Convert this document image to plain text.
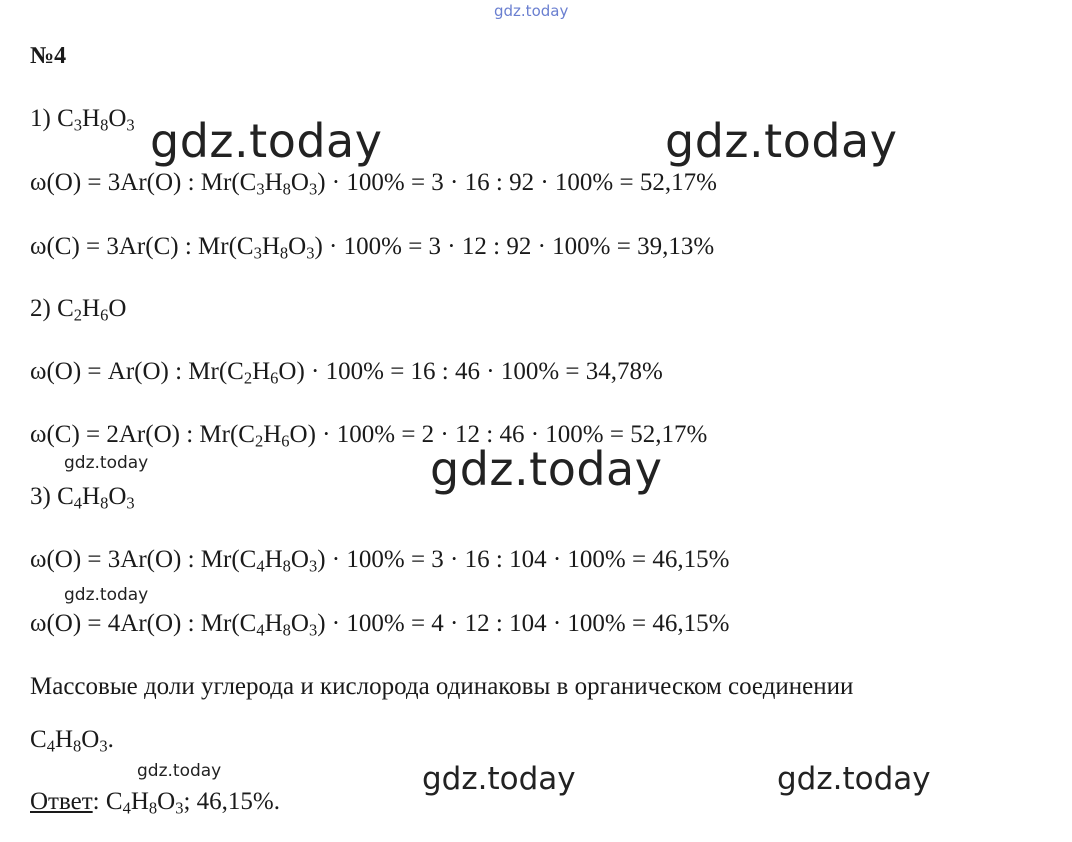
№4
1) $C_3H_8O_3$
ω(O) = 3Ar(O) : $Mr(C_3H_8O_3) \cdot 100\% = 3 \cdot 16$ : 92 · 100% = 52,17%
ω(C) = 3Ar(C) : $Mr(C_3H_8O_3) \cdot 100\% = 3 \cdot 12$ : 92 · 100% = 39,13%
2) $C_2H_6O$
ω(O) = Ar(O) : $Mr(C_2H_6O) \cdot 100\% = 16$ : 46 · 100% = 34,78%
ω(C) = 2Ar(O) : $Mr(C_2H_6O) \cdot 100\% = 2 \cdot 12$ : 46 · 100% = 52,17%
3) $C_4H_8O_3$
ω(O) = 3Ar(O) : $Mr(C_4H_8O_3) \cdot 100\% = 3 \cdot 16$ : 104 · 100% = 46,15%
ω(O) = 4Ar(O) : $Mr(C_4H_8O_3) \cdot 100\% = 4 \cdot 12$ : 104 · 100% = 46,15%
Массовые доли углерода и кислорода одинаковы в органическом соединении
$C_4H_8O_3$.
Ответ: $C_4H_8O_3$; 46,15%.
gdz.today
gdz.today	gdz.today
gdz.today	gdz.today
gdz.today
gdz.today	gdz.today	gdz.today
